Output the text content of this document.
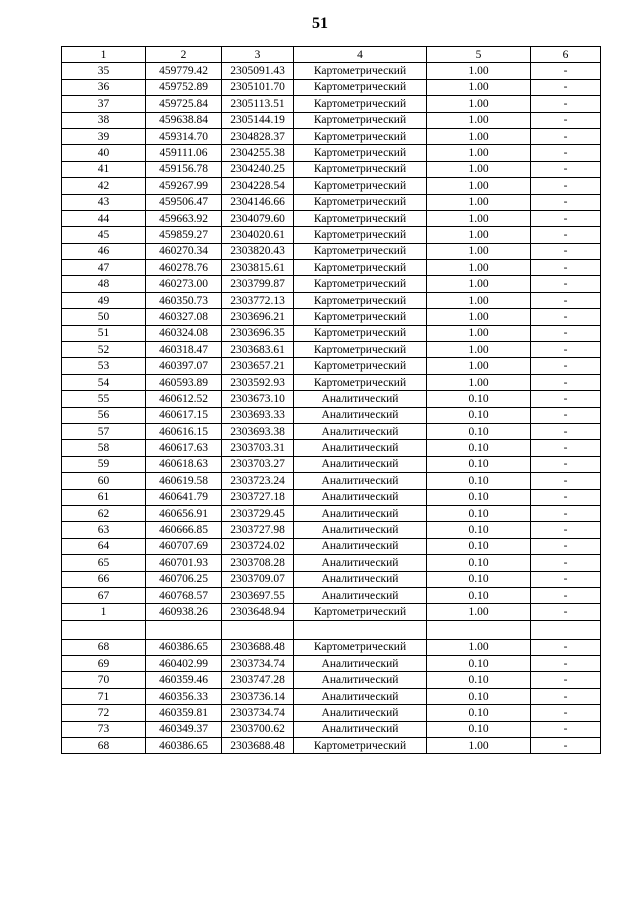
51
1	2	3	4	5	6
35	459779.42	2305091.43	Картометрический	1.00	-
36	459752.89	2305101.70	Картометрический	1.00	-
37	459725.84	2305113.51	Картометрический	1.00	-
38	459638.84	2305144.19	Картометрический	1.00	-
39	459314.70	2304828.37	Картометрический	1.00	-
40	459111.06	2304255.38	Картометрический	1.00	-
41	459156.78	2304240.25	Картометрический	1.00	-
42	459267.99	2304228.54	Картометрический	1.00	-
43	459506.47	2304146.66	Картометрический	1.00	-
44	459663.92	2304079.60	Картометрический	1.00	-
45	459859.27	2304020.61	Картометрический	1.00	-
46	460270.34	2303820.43	Картометрический	1.00	-
47	460278.76	2303815.61	Картометрический	1.00	-
48	460273.00	2303799.87	Картометрический	1.00	-
49	460350.73	2303772.13	Картометрический	1.00	-
50	460327.08	2303696.21	Картометрический	1.00	-
51	460324.08	2303696.35	Картометрический	1.00	-
52	460318.47	2303683.61	Картометрический	1.00	-
53	460397.07	2303657.21	Картометрический	1.00	-
54	460593.89	2303592.93	Картометрический	1.00	-
55	460612.52	2303673.10	Аналитический	0.10	-
56	460617.15	2303693.33	Аналитический	0.10	-
57	460616.15	2303693.38	Аналитический	0.10	-
58	460617.63	2303703.31	Аналитический	0.10	-
59	460618.63	2303703.27	Аналитический	0.10	-
60	460619.58	2303723.24	Аналитический	0.10	-
61	460641.79	2303727.18	Аналитический	0.10	-
62	460656.91	2303729.45	Аналитический	0.10	-
63	460666.85	2303727.98	Аналитический	0.10	-
64	460707.69	2303724.02	Аналитический	0.10	-
65	460701.93	2303708.28	Аналитический	0.10	-
66	460706.25	2303709.07	Аналитический	0.10	-
67	460768.57	2303697.55	Аналитический	0.10	-
1	460938.26	2303648.94	Картометрический	1.00	-

68	460386.65	2303688.48	Картометрический	1.00	-
69	460402.99	2303734.74	Аналитический	0.10	-
70	460359.46	2303747.28	Аналитический	0.10	-
71	460356.33	2303736.14	Аналитический	0.10	-
72	460359.81	2303734.74	Аналитический	0.10	-
73	460349.37	2303700.62	Аналитический	0.10	-
68	460386.65	2303688.48	Картометрический	1.00	-
